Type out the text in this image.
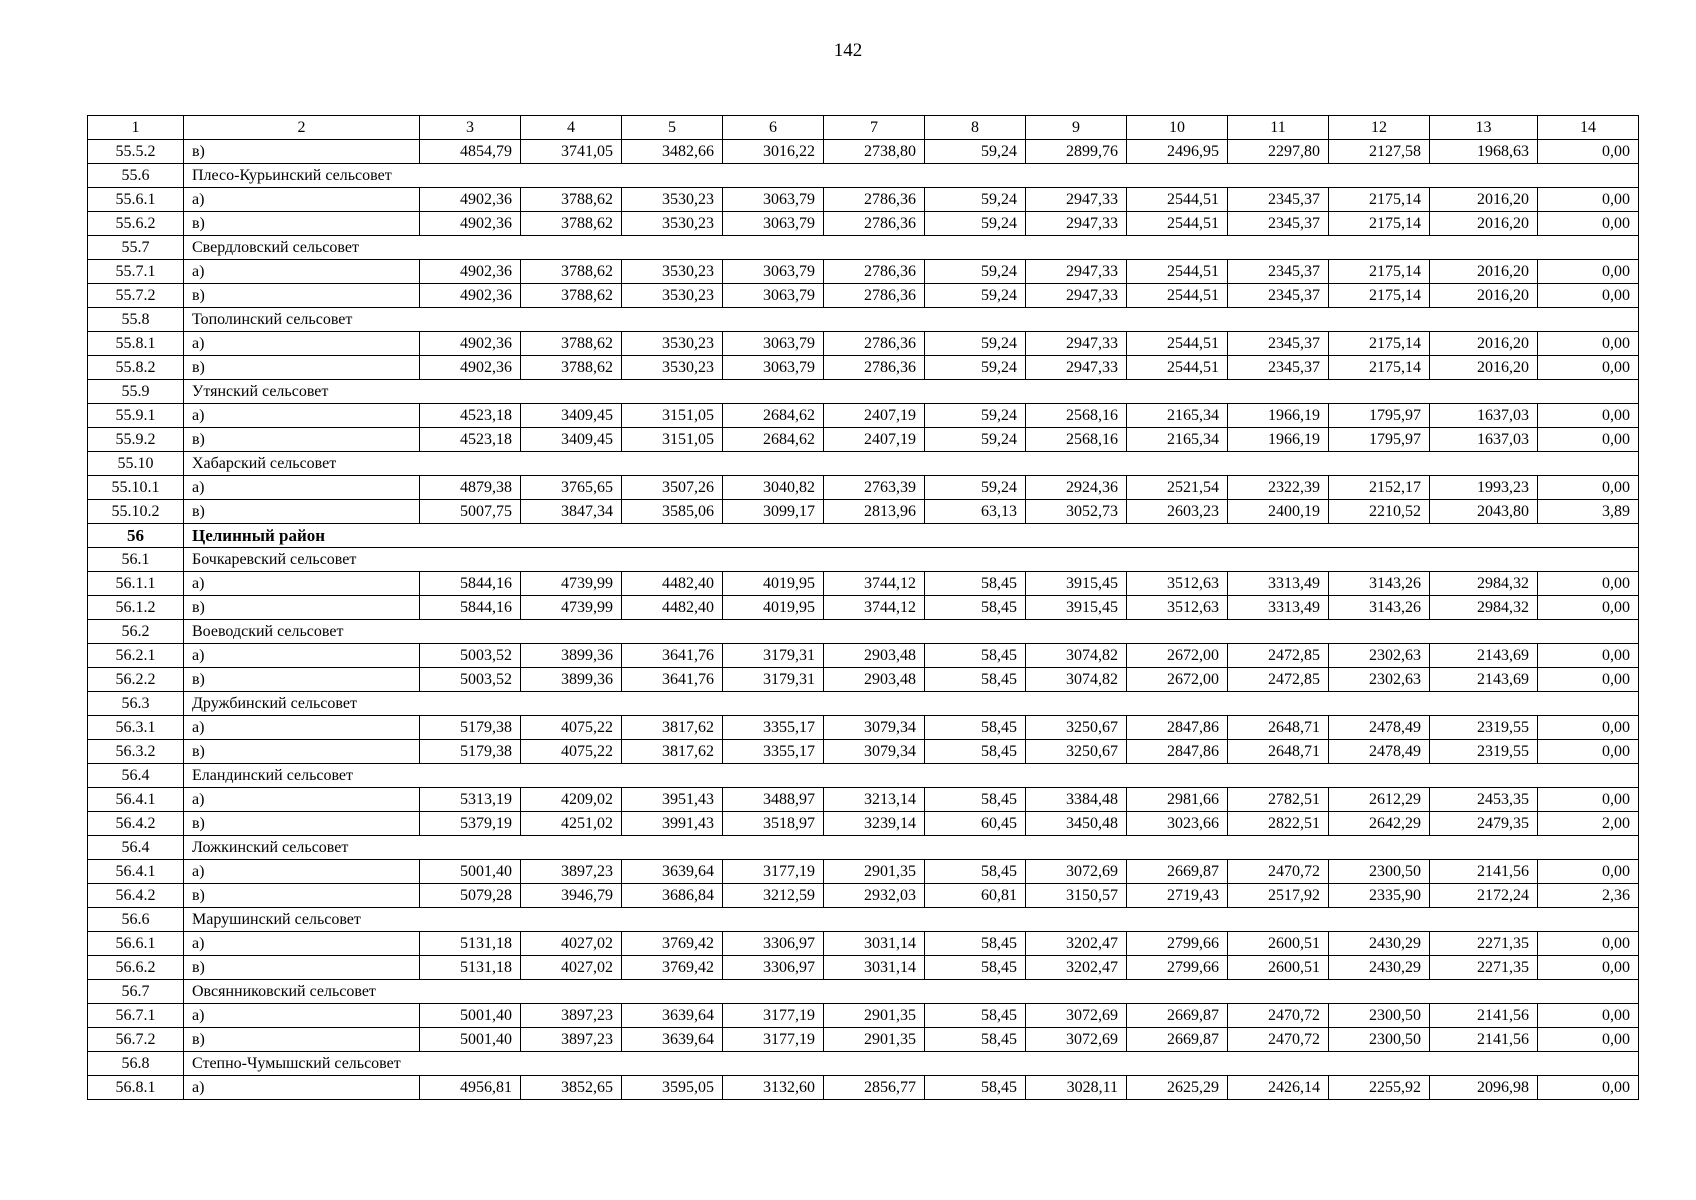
142
1	2	3	4	5	6	7	8	9	10	11	12	13	14
55.5.2	в)	4854,79	3741,05	3482,66	3016,22	2738,80	59,24	2899,76	2496,95	2297,80	2127,58	1968,63	0,00
55.6	Плесо-Курьинский сельсовет												
55.6.1	а)	4902,36	3788,62	3530,23	3063,79	2786,36	59,24	2947,33	2544,51	2345,37	2175,14	2016,20	0,00
55.6.2	в)	4902,36	3788,62	3530,23	3063,79	2786,36	59,24	2947,33	2544,51	2345,37	2175,14	2016,20	0,00
55.7	Свердловский сельсовет												
55.7.1	а)	4902,36	3788,62	3530,23	3063,79	2786,36	59,24	2947,33	2544,51	2345,37	2175,14	2016,20	0,00
55.7.2	в)	4902,36	3788,62	3530,23	3063,79	2786,36	59,24	2947,33	2544,51	2345,37	2175,14	2016,20	0,00
55.8	Тополинский сельсовет												
55.8.1	а)	4902,36	3788,62	3530,23	3063,79	2786,36	59,24	2947,33	2544,51	2345,37	2175,14	2016,20	0,00
55.8.2	в)	4902,36	3788,62	3530,23	3063,79	2786,36	59,24	2947,33	2544,51	2345,37	2175,14	2016,20	0,00
55.9	Утянский сельсовет												
55.9.1	а)	4523,18	3409,45	3151,05	2684,62	2407,19	59,24	2568,16	2165,34	1966,19	1795,97	1637,03	0,00
55.9.2	в)	4523,18	3409,45	3151,05	2684,62	2407,19	59,24	2568,16	2165,34	1966,19	1795,97	1637,03	0,00
55.10	Хабарский сельсовет												
55.10.1	а)	4879,38	3765,65	3507,26	3040,82	2763,39	59,24	2924,36	2521,54	2322,39	2152,17	1993,23	0,00
55.10.2	в)	5007,75	3847,34	3585,06	3099,17	2813,96	63,13	3052,73	2603,23	2400,19	2210,52	2043,80	3,89
56	Целинный район												
56.1	Бочкаревский сельсовет												
56.1.1	а)	5844,16	4739,99	4482,40	4019,95	3744,12	58,45	3915,45	3512,63	3313,49	3143,26	2984,32	0,00
56.1.2	в)	5844,16	4739,99	4482,40	4019,95	3744,12	58,45	3915,45	3512,63	3313,49	3143,26	2984,32	0,00
56.2	Воеводский сельсовет												
56.2.1	а)	5003,52	3899,36	3641,76	3179,31	2903,48	58,45	3074,82	2672,00	2472,85	2302,63	2143,69	0,00
56.2.2	в)	5003,52	3899,36	3641,76	3179,31	2903,48	58,45	3074,82	2672,00	2472,85	2302,63	2143,69	0,00
56.3	Дружбинский сельсовет												
56.3.1	а)	5179,38	4075,22	3817,62	3355,17	3079,34	58,45	3250,67	2847,86	2648,71	2478,49	2319,55	0,00
56.3.2	в)	5179,38	4075,22	3817,62	3355,17	3079,34	58,45	3250,67	2847,86	2648,71	2478,49	2319,55	0,00
56.4	Еландинский сельсовет												
56.4.1	а)	5313,19	4209,02	3951,43	3488,97	3213,14	58,45	3384,48	2981,66	2782,51	2612,29	2453,35	0,00
56.4.2	в)	5379,19	4251,02	3991,43	3518,97	3239,14	60,45	3450,48	3023,66	2822,51	2642,29	2479,35	2,00
56.4	Ложкинский сельсовет												
56.4.1	а)	5001,40	3897,23	3639,64	3177,19	2901,35	58,45	3072,69	2669,87	2470,72	2300,50	2141,56	0,00
56.4.2	в)	5079,28	3946,79	3686,84	3212,59	2932,03	60,81	3150,57	2719,43	2517,92	2335,90	2172,24	2,36
56.6	Марушинский сельсовет												
56.6.1	а)	5131,18	4027,02	3769,42	3306,97	3031,14	58,45	3202,47	2799,66	2600,51	2430,29	2271,35	0,00
56.6.2	в)	5131,18	4027,02	3769,42	3306,97	3031,14	58,45	3202,47	2799,66	2600,51	2430,29	2271,35	0,00
56.7	Овсянниковский сельсовет												
56.7.1	а)	5001,40	3897,23	3639,64	3177,19	2901,35	58,45	3072,69	2669,87	2470,72	2300,50	2141,56	0,00
56.7.2	в)	5001,40	3897,23	3639,64	3177,19	2901,35	58,45	3072,69	2669,87	2470,72	2300,50	2141,56	0,00
56.8	Степно-Чумышский сельсовет												
56.8.1	а)	4956,81	3852,65	3595,05	3132,60	2856,77	58,45	3028,11	2625,29	2426,14	2255,92	2096,98	0,00
